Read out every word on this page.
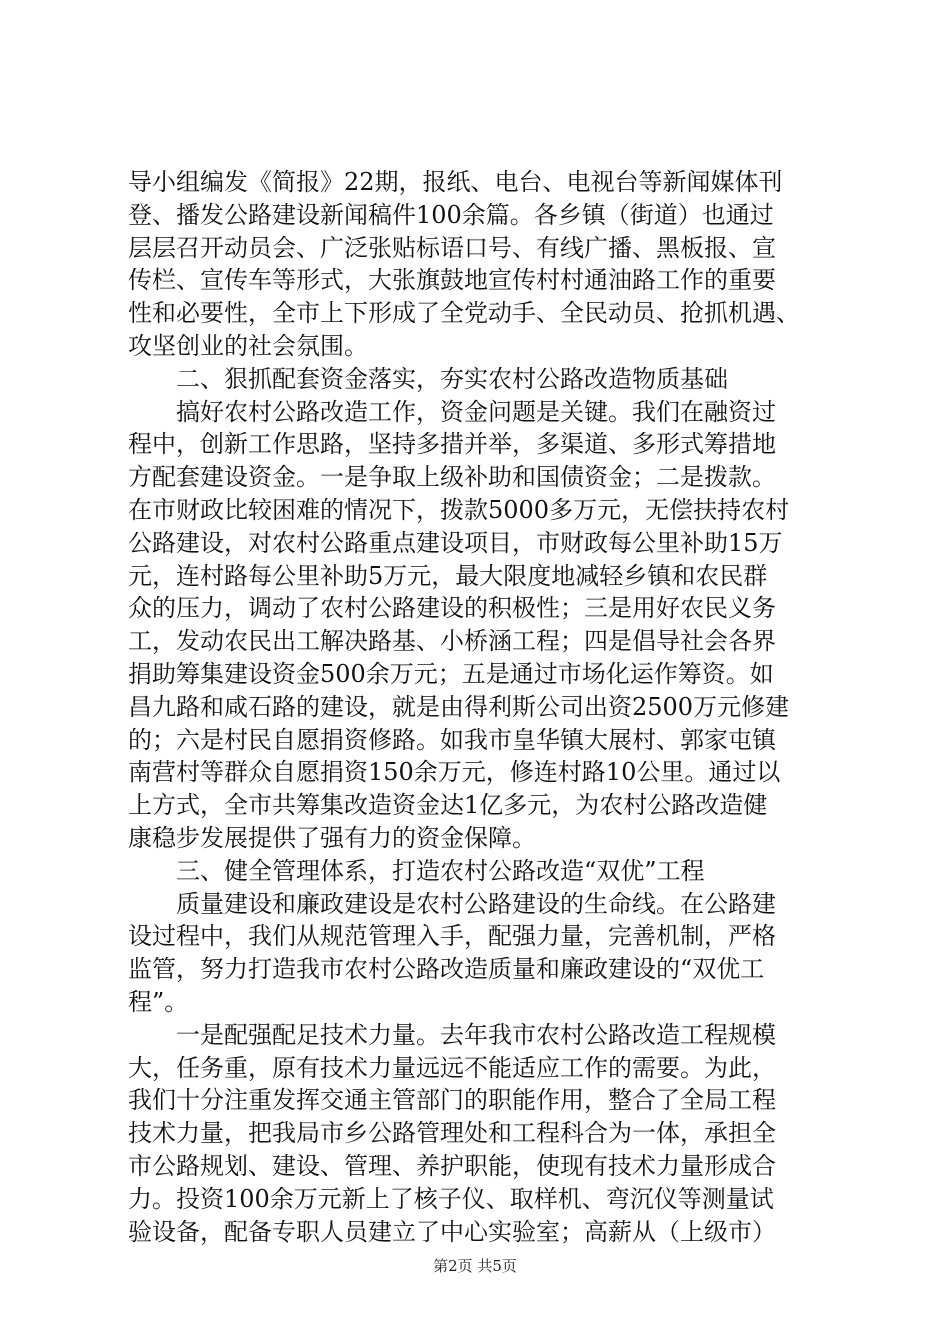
导小组编发《简报》22期，报纸、电台、电视台等新闻媒体刊
登、播发公路建设新闻稿件100余篇。各乡镇（街道）也通过
层层召开动员会、广泛张贴标语口号、有线广播、黑板报、宣
传栏、宣传车等形式，大张旗鼓地宣传村村通油路工作的重要
性和必要性，全市上下形成了全党动手、全民动员、抢抓机遇、
攻坚创业的社会氛围。
　　二、狠抓配套资金落实，夯实农村公路改造物质基础
　　搞好农村公路改造工作，资金问题是关键。我们在融资过
程中，创新工作思路，坚持多措并举，多渠道、多形式筹措地
方配套建设资金。一是争取上级补助和国债资金；二是拨款。
在市财政比较困难的情况下，拨款5000多万元，无偿扶持农村
公路建设，对农村公路重点建设项目，市财政每公里补助15万
元，连村路每公里补助5万元，最大限度地减轻乡镇和农民群
众的压力，调动了农村公路建设的积极性；三是用好农民义务
工，发动农民出工解决路基、小桥涵工程；四是倡导社会各界
捐助筹集建设资金500余万元；五是通过市场化运作筹资。如
昌九路和咸石路的建设，就是由得利斯公司出资2500万元修建
的；六是村民自愿捐资修路。如我市皇华镇大展村、郭家屯镇
南营村等群众自愿捐资150余万元，修连村路10公里。通过以
上方式，全市共筹集改造资金达1亿多元，为农村公路改造健
康稳步发展提供了强有力的资金保障。
　　三、健全管理体系，打造农村公路改造“双优”工程
　　质量建设和廉政建设是农村公路建设的生命线。在公路建
设过程中，我们从规范管理入手，配强力量，完善机制，严格
监管，努力打造我市农村公路改造质量和廉政建设的“双优工
程”。
　　一是配强配足技术力量。去年我市农村公路改造工程规模
大，任务重，原有技术力量远远不能适应工作的需要。为此，
我们十分注重发挥交通主管部门的职能作用，整合了全局工程
技术力量，把我局市乡公路管理处和工程科合为一体，承担全
市公路规划、建设、管理、养护职能，使现有技术力量形成合
力。投资100余万元新上了核子仪、取样机、弯沉仪等测量试
验设备，配备专职人员建立了中心实验室；高薪从（上级市）
第2页 共5页
